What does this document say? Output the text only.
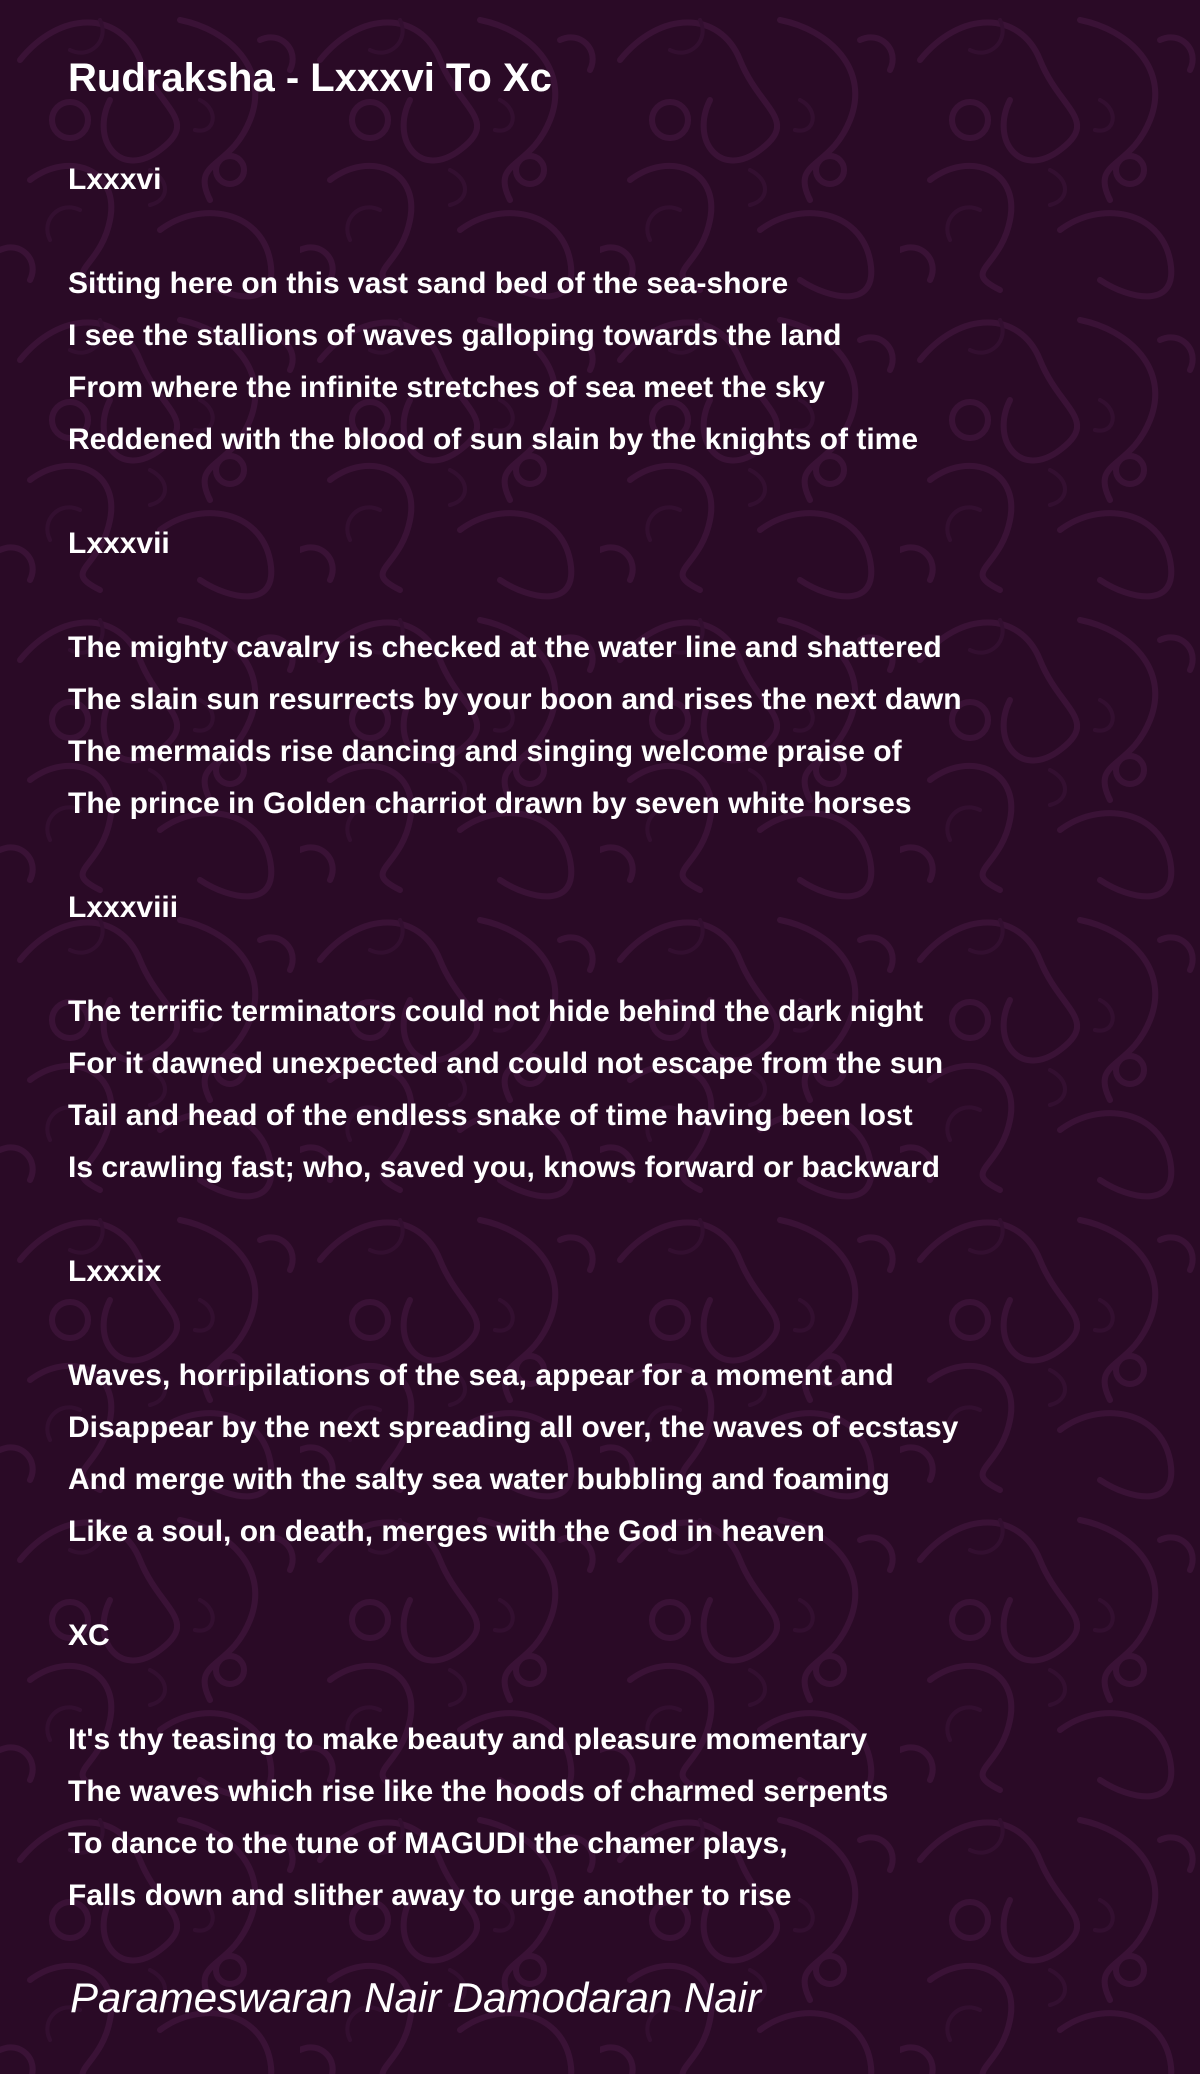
Rudraksha - Lxxxvi To Xc
Lxxxvi
Sitting here on this vast sand bed of the sea-shore
I see the stallions of waves galloping towards the land
From where the infinite stretches of sea meet the sky
Reddened with the blood of sun slain by the knights of time
Lxxxvii
The mighty cavalry is checked at the water line and shattered
The slain sun resurrects by your boon and rises the next dawn
The mermaids rise dancing and singing welcome praise of
The prince in Golden charriot drawn by seven white horses
Lxxxviii
The terrific terminators could not hide behind the dark night
For it dawned unexpected and could not escape from the sun
Tail and head of the endless snake of time having been lost
Is crawling fast; who, saved you, knows forward or backward
Lxxxix
Waves, horripilations of the sea, appear for a moment and
Disappear by the next spreading all over, the waves of ecstasy
And merge with the salty sea water bubbling and foaming
Like a soul, on death, merges with the God in heaven
XC
It's thy teasing to make beauty and pleasure momentary
The waves which rise like the hoods of charmed serpents
To dance to the tune of MAGUDI the chamer plays,
Falls down and slither away to urge another to rise
Parameswaran Nair Damodaran Nair
